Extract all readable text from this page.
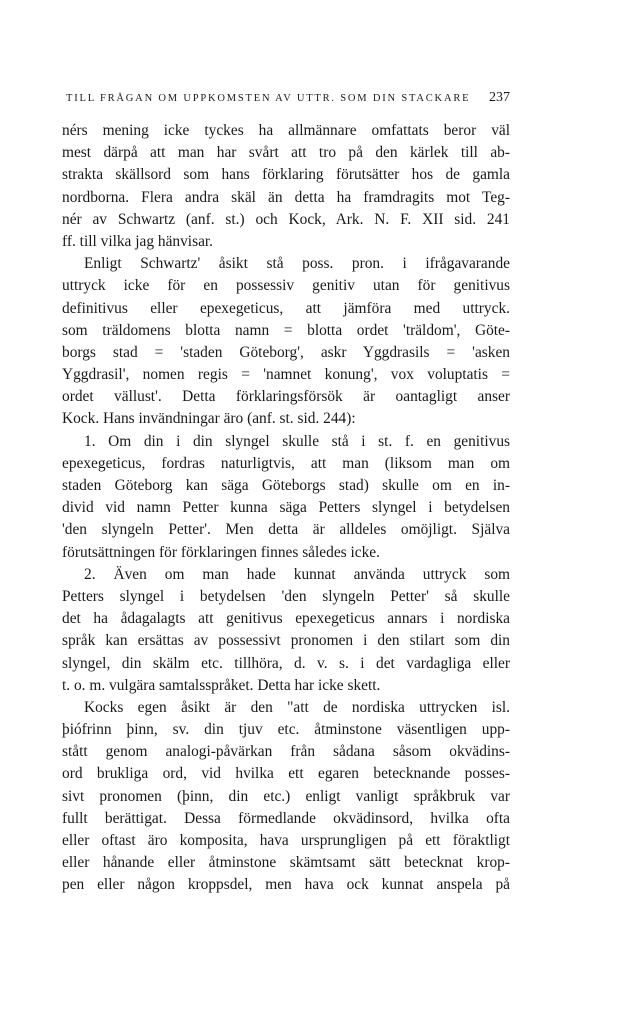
TILL FRÅGAN OM UPPKOMSTEN AV UTTR. SOM DIN STACKARE 237
nérs mening icke tyckes ha allmännare omfattats beror väl
mest därpå att man har svårt att tro på den kärlek till ab-
strakta skällsord som hans förklaring förutsätter hos de gamla
nordborna. Flera andra skäl än detta ha framdragits mot Teg-
nér av Schwartz (anf. st.) och Kock, Ark. N. F. XII sid. 241
ff. till vilka jag hänvisar.
Enligt Schwartz' åsikt stå poss. pron. i ifrågavarande
uttryck icke för en possessiv genitiv utan för genitivus
definitivus eller epexegeticus, att jämföra med uttryck.
som träldomens blotta namn = blotta ordet 'träldom', Göte-
borgs stad = 'staden Göteborg', askr Yggdrasils = 'asken
Yggdrasil', nomen regis = 'namnet konung', vox voluptatis =
ordet vällust'. Detta förklaringsförsök är oantagligt anser
Kock. Hans invändningar äro (anf. st. sid. 244):
1. Om din i din slyngel skulle stå i st. f. en genitivus
epexegeticus, fordras naturligtvis, att man (liksom man om
staden Göteborg kan säga Göteborgs stad) skulle om en in-
divid vid namn Petter kunna säga Petters slyngel i betydelsen
'den slyngeln Petter'. Men detta är alldeles omöjligt. Själva
förutsättningen för förklaringen finnes således icke.
2. Även om man hade kunnat använda uttryck som
Petters slyngel i betydelsen 'den slyngeln Petter' så skulle
det ha ådagalagts att genitivus epexegeticus annars i nordiska
språk kan ersättas av possessivt pronomen i den stilart som din
slyngel, din skälm etc. tillhöra, d. v. s. i det vardagliga eller
t. o. m. vulgära samtalsspråket. Detta har icke skett.
Kocks egen åsikt är den "att de nordiska uttrycken isl.
þiófrinn þinn, sv. din tjuv etc. åtminstone väsentligen upp-
stått genom analogi-påvärkan från sådana såsom okvädins-
ord brukliga ord, vid hvilka ett egaren betecknande posses-
sivt pronomen (þinn, din etc.) enligt vanligt språkbruk var
fullt berättigat. Dessa förmedlande okvädinsord, hvilka ofta
eller oftast äro komposita, hava ursprungligen på ett föraktligt
eller hånande eller åtminstone skämtsamt sätt betecknat krop-
pen eller någon kroppsdel, men hava ock kunnat anspela på
